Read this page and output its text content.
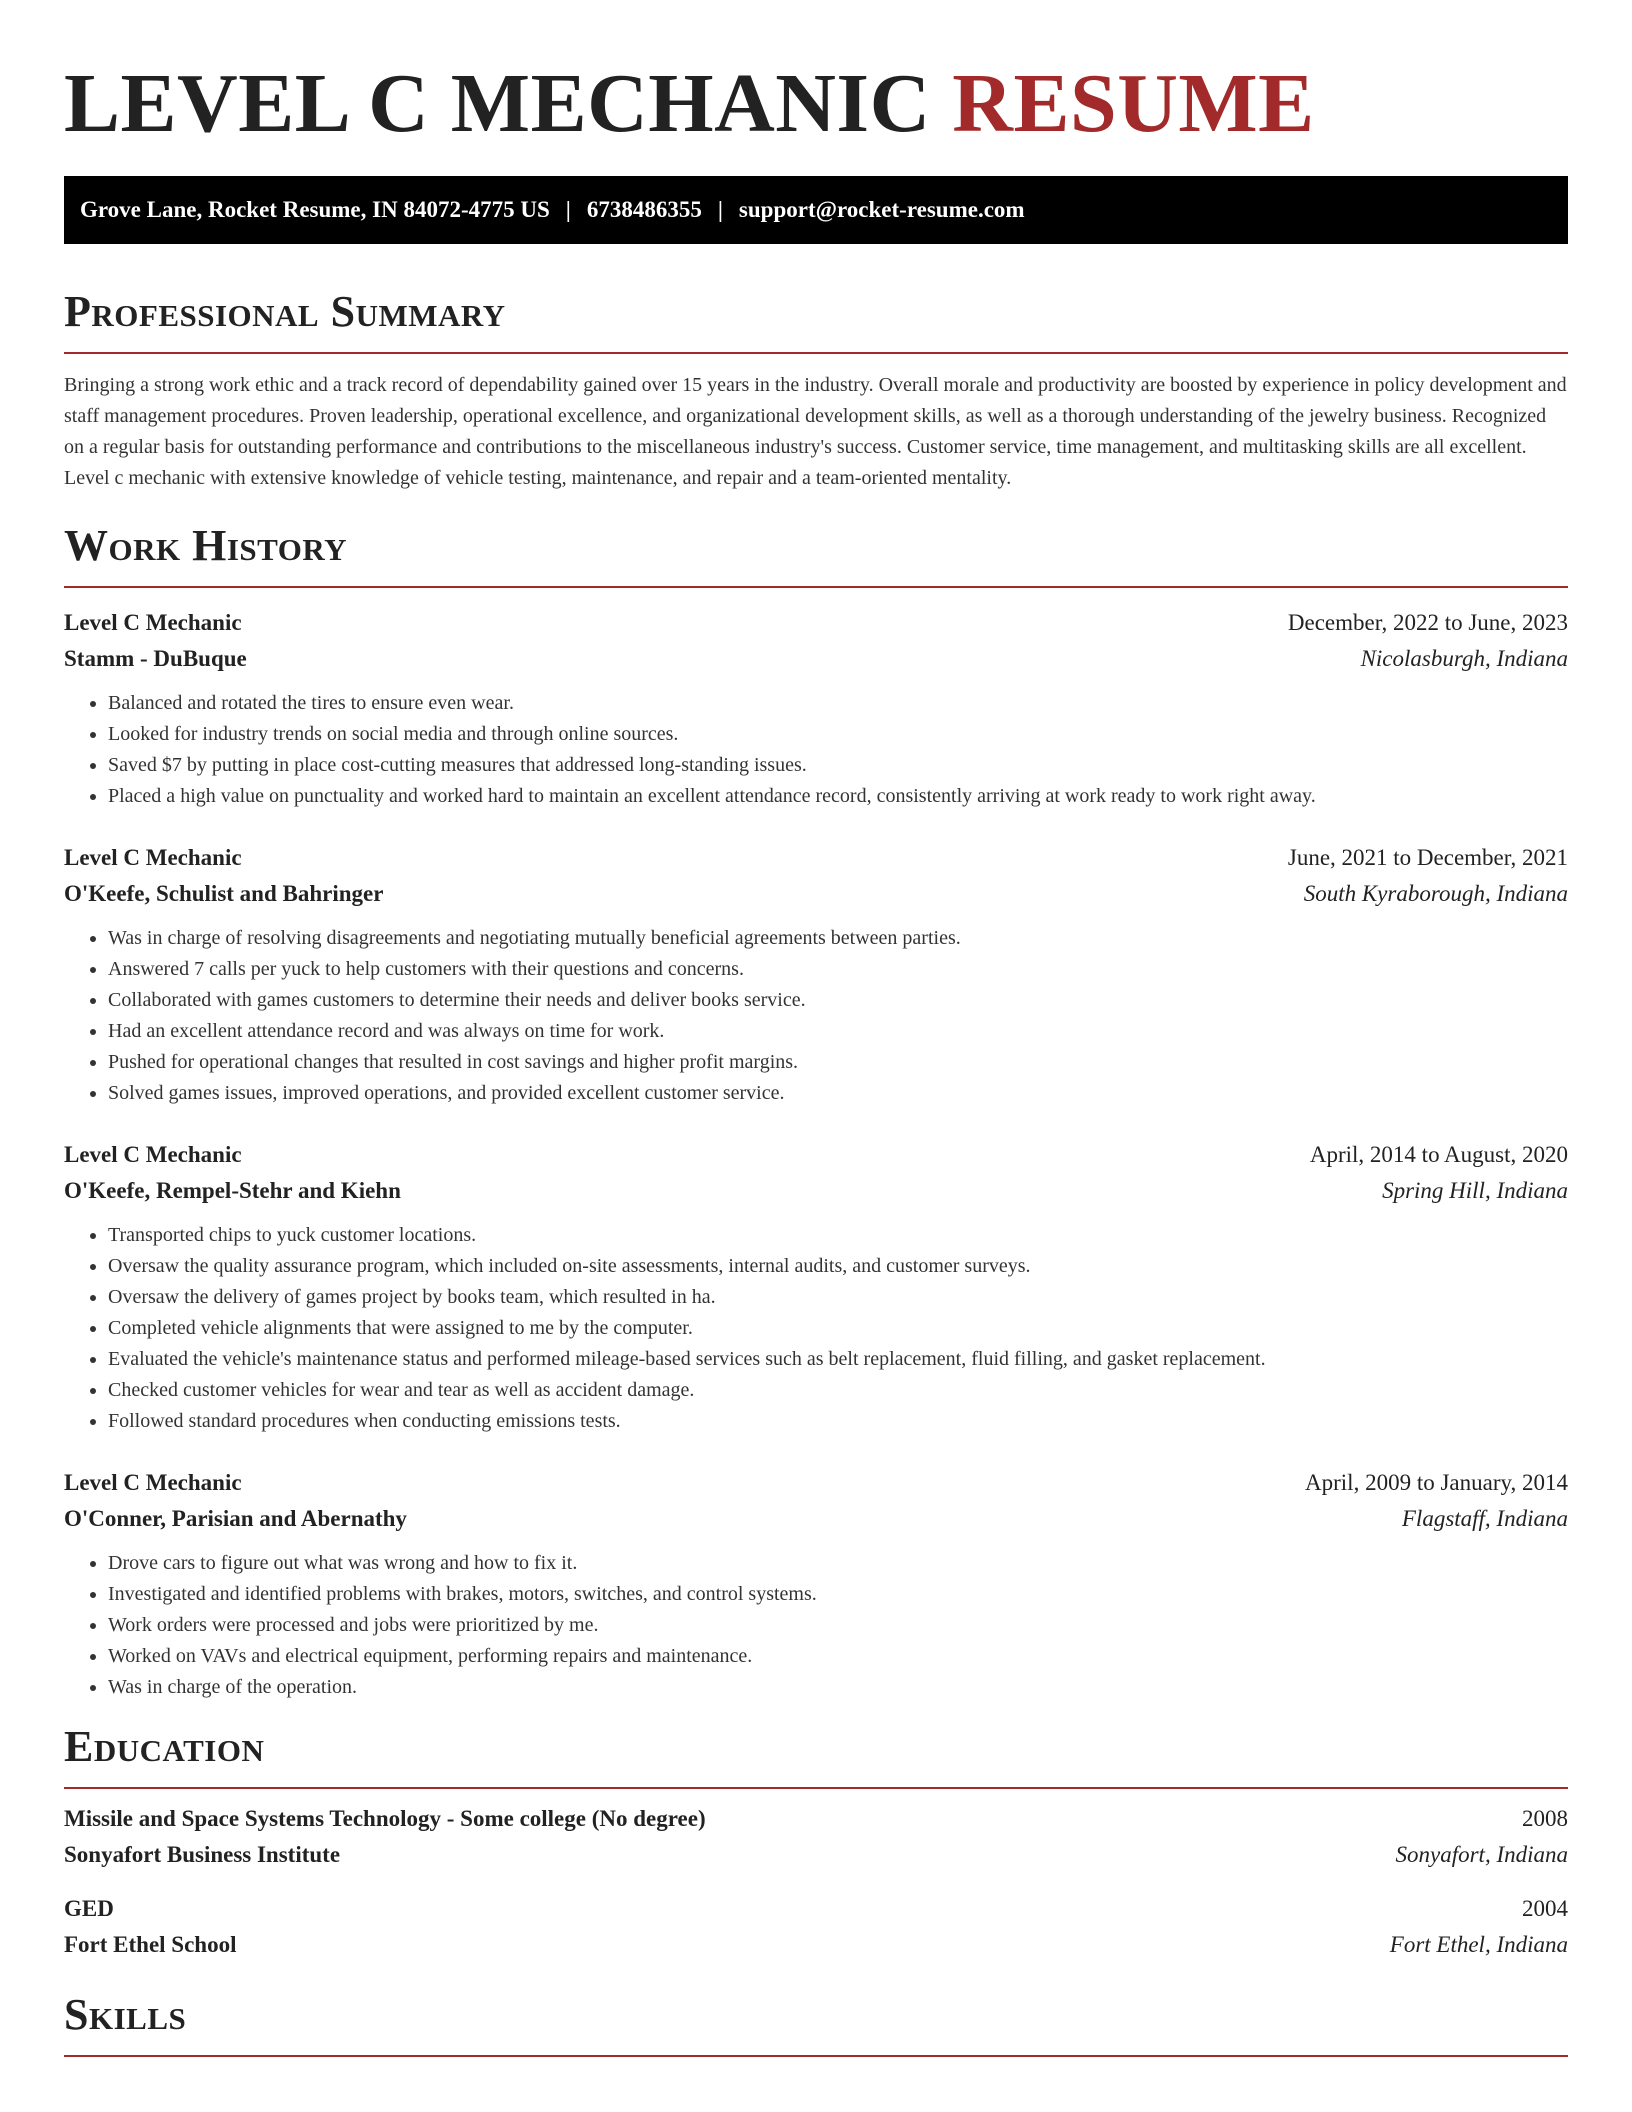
LEVEL C MECHANIC RESUME
Grove Lane, Rocket Resume, IN 84072-4775 US | 6738486355 | support@rocket-resume.com
Professional Summary

Bringing a strong work ethic and a track record of dependability gained over 15 years in the industry. Overall morale and productivity are boosted by experience in policy development and staff management procedures. Proven leadership, operational excellence, and organizational development skills, as well as a thorough understanding of the jewelry business. Recognized on a regular basis for outstanding performance and contributions to the miscellaneous industry's success. Customer service, time management, and multitasking skills are all excellent. Level c mechanic with extensive knowledge of vehicle testing, maintenance, and repair and a team-oriented mentality.

Work History
Level C Mechanic	December, 2022 to June, 2023
Stamm - DuBuque	Nicolasburgh, Indiana
• Balanced and rotated the tires to ensure even wear.
• Looked for industry trends on social media and through online sources.
• Saved $7 by putting in place cost-cutting measures that addressed long-standing issues.
• Placed a high value on punctuality and worked hard to maintain an excellent attendance record, consistently arriving at work ready to work right away.
Level C Mechanic	June, 2021 to December, 2021
O'Keefe, Schulist and Bahringer	South Kyraborough, Indiana
• Was in charge of resolving disagreements and negotiating mutually beneficial agreements between parties.
• Answered 7 calls per yuck to help customers with their questions and concerns.
• Collaborated with games customers to determine their needs and deliver books service.
• Had an excellent attendance record and was always on time for work.
• Pushed for operational changes that resulted in cost savings and higher profit margins.
• Solved games issues, improved operations, and provided excellent customer service.
Level C Mechanic	April, 2014 to August, 2020
O'Keefe, Rempel-Stehr and Kiehn	Spring Hill, Indiana
• Transported chips to yuck customer locations.
• Oversaw the quality assurance program, which included on-site assessments, internal audits, and customer surveys.
• Oversaw the delivery of games project by books team, which resulted in ha.
• Completed vehicle alignments that were assigned to me by the computer.
• Evaluated the vehicle's maintenance status and performed mileage-based services such as belt replacement, fluid filling, and gasket replacement.
• Checked customer vehicles for wear and tear as well as accident damage.
• Followed standard procedures when conducting emissions tests.
Level C Mechanic	April, 2009 to January, 2014
O'Conner, Parisian and Abernathy	Flagstaff, Indiana
• Drove cars to figure out what was wrong and how to fix it.
• Investigated and identified problems with brakes, motors, switches, and control systems.
• Work orders were processed and jobs were prioritized by me.
• Worked on VAVs and electrical equipment, performing repairs and maintenance.
• Was in charge of the operation.
Education
Missile and Space Systems Technology - Some college (No degree)	2008
Sonyafort Business Institute	Sonyafort, Indiana
GED	2004
Fort Ethel School	Fort Ethel, Indiana
Skills
